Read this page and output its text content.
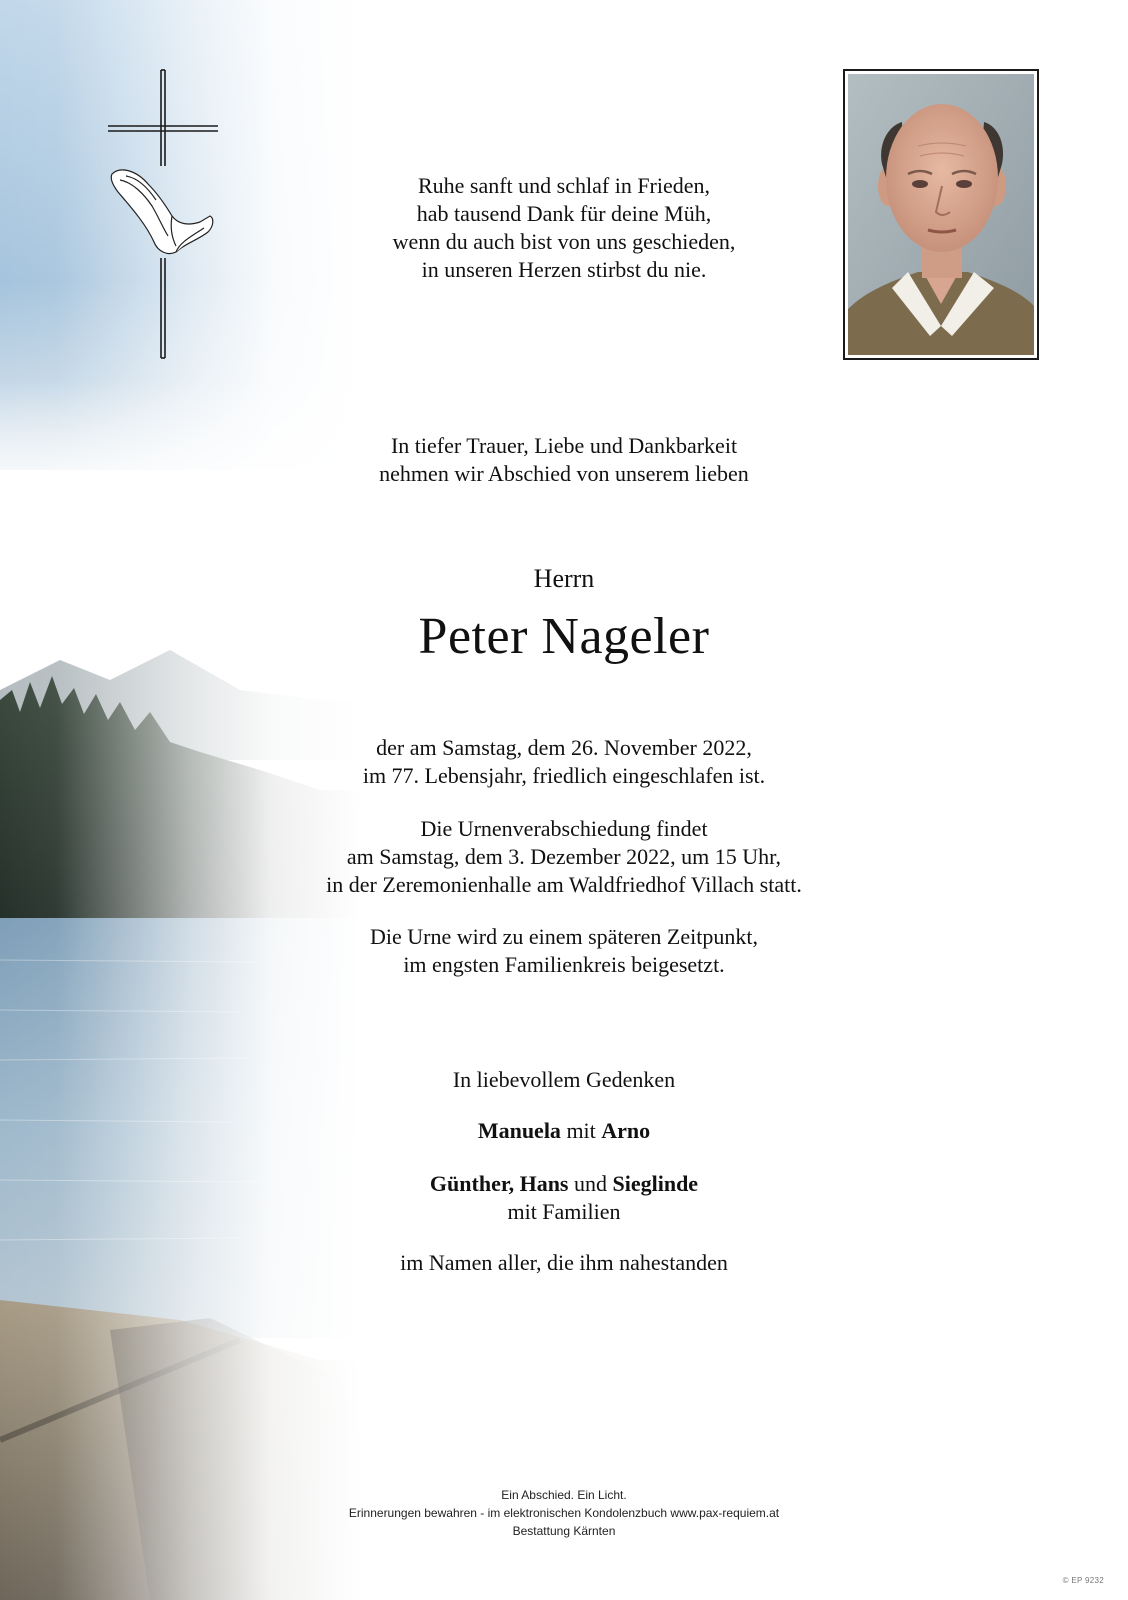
Ruhe sanft und schlaf in Frieden,
hab tausend Dank für deine Müh,
wenn du auch bist von uns geschieden,
in unseren Herzen stirbst du nie.
In tiefer Trauer, Liebe und Dankbarkeit
nehmen wir Abschied von unserem lieben
Herrn
Peter Nageler
der am Samstag, dem 26. November 2022,
im 77. Lebensjahr, friedlich eingeschlafen ist.
Die Urnenverabschiedung findet
am Samstag, dem 3. Dezember 2022, um 15 Uhr,
in der Zeremonienhalle am Waldfriedhof Villach statt.
Die Urne wird zu einem späteren Zeitpunkt,
im engsten Familienkreis beigesetzt.
In liebevollem Gedenken
Manuela mit Arno
Günther, Hans und Sieglinde
mit Familien
im Namen aller, die ihm nahestanden
Ein Abschied. Ein Licht.
Erinnerungen bewahren - im elektronischen Kondolenzbuch www.pax-requiem.at
Bestattung Kärnten
© EP 9232
